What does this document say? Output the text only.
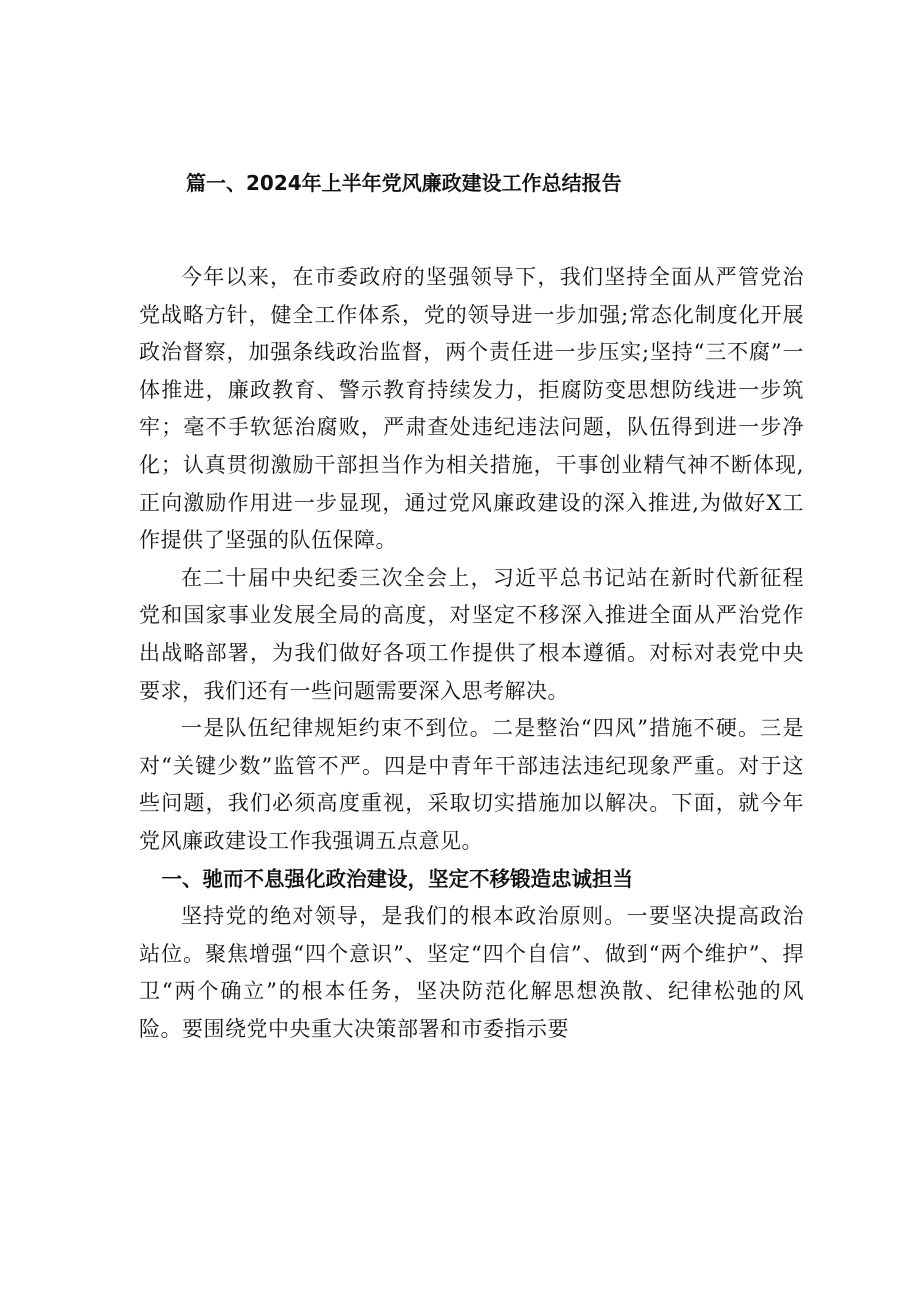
篇一、2024年上半年党风廉政建设工作总结报告

今年以来，在市委政府的坚强领导下，我们坚持全面从严管党治党战略方针，健全工作体系，党的领导进一步加强;常态化制度化开展政治督察，加强条线政治监督，两个责任进一步压实;坚持“三不腐”一体推进，廉政教育、警示教育持续发力，拒腐防变思想防线进一步筑牢；毫不手软惩治腐败，严肃查处违纪违法问题，队伍得到进一步净化；认真贯彻激励干部担当作为相关措施，干事创业精气神不断体现,正向激励作用进一步显现，通过党风廉政建设的深入推进,为做好X工作提供了坚强的队伍保障。

在二十届中央纪委三次全会上，习近平总书记站在新时代新征程党和国家事业发展全局的高度，对坚定不移深入推进全面从严治党作出战略部署，为我们做好各项工作提供了根本遵循。对标对表党中央要求，我们还有一些问题需要深入思考解决。

一是队伍纪律规矩约束不到位。二是整治“四风”措施不硬。三是对“关键少数”监管不严。四是中青年干部违法违纪现象严重。对于这些问题，我们必须高度重视，采取切实措施加以解决。下面，就今年党风廉政建设工作我强调五点意见。

一、驰而不息强化政治建设，坚定不移锻造忠诚担当

坚持党的绝对领导，是我们的根本政治原则。一要坚决提高政治站位。聚焦增强“四个意识”、坚定“四个自信”、做到“两个维护”、捍卫“两个确立”的根本任务，坚决防范化解思想涣散、纪律松弛的风险。要围绕党中央重大决策部署和市委指示要
